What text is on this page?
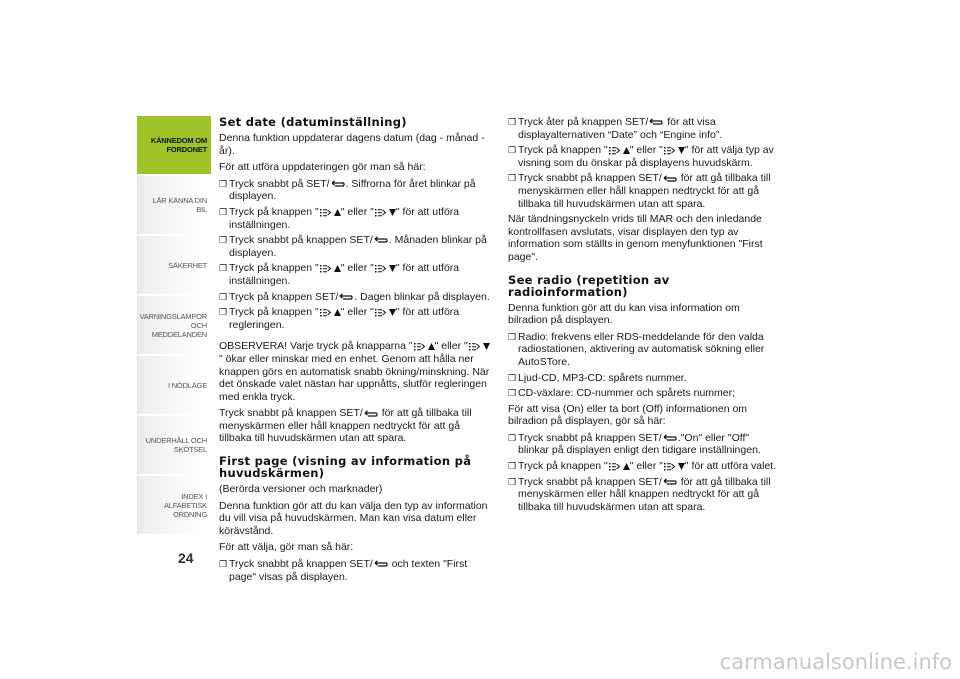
KÄNNEDOM OM FORDONET
LÄR KÄNNA DIN BIL
SÄKERHET
VARNINGSLAMPOR OCH MEDDELANDEN
I NÖDLÄGE
UNDERHÅLL OCH SKÖTSEL
INDEX I ALFABETISK ORDNING
24
Set date (datuminställning)

Denna funktion uppdaterar dagens datum (dag - månad - år).

För att utföra uppdateringen gör man så här:

❒ Tryck snabbt på SET/ . Siffrorna för året blinkar på displayen.

❒ Tryck på knappen " " eller " " för att utföra inställningen.

❒ Tryck snabbt på knappen SET/ . Månaden blinkar på displayen.

❒ Tryck på knappen " " eller " " för att utföra inställningen.

❒ Tryck på knappen SET/ . Dagen blinkar på displayen.

❒ Tryck på knappen " " eller " " för att utföra regleringen.

OBSERVERA! Varje tryck på knapparna " " eller "" ökar eller minskar med en enhet. Genom att hålla ner knappen görs en automatisk snabb ökning/minskning. När det önskade valet nästan har uppnåtts, slutför regleringen med enkla tryck.

Tryck snabbt på knappen SET/ för att gå tillbaka till menyskärmen eller håll knappen nedtryckt för att gå tillbaka till huvudskärmen utan att spara.

First page (visning av information på huvudskärmen)

(Berörda versioner och marknader)

Denna funktion gör att du kan välja den typ av information du vill visa på huvudskärmen. Man kan visa datum eller körävstånd.

För att välja, gör man så här:

❒ Tryck snabbt på knappen SET/ och texten "First page" visas på displayen.

❒ Tryck åter på knappen SET/ för att visa displayalternativen “Date” och “Engine info”.

❒ Tryck på knappen " " eller " " för att välja typ av visning som du önskar på displayens huvudskärm.

❒ Tryck snabbt på knappen SET/ för att gå tillbaka till menyskärmen eller håll knappen nedtryckt för att gå tillbaka till huvudskärmen utan att spara.

När tändningsnyckeln vrids till MAR och den inledande kontrollfasen avslutats, visar displayen den typ av information som ställts in genom menyfunktionen "First page".

See radio (repetition av radioinformation)

Denna funktion gör att du kan visa information om bilradion på displayen.

❒ Radio: frekvens eller RDS-meddelande för den valda radiostationen, aktivering av automatisk sökning eller AutoSTore.

❒ Ljud-CD, MP3-CD: spårets nummer.

❒ CD-växlare: CD-nummer och spårets nummer;

För att visa (On) eller ta bort (Off) informationen om bilradion på displayen, gör så här:

❒ Tryck snabbt på knappen SET/ ."On" eller "Off" blinkar på displayen enligt den tidigare inställningen.

❒ Tryck på knappen " " eller " " för att utföra valet.

❒ Tryck snabbt på knappen SET/ för att gå tillbaka till menyskärmen eller håll knappen nedtryckt för att gå tillbaka till huvudskärmen utan att spara.

carmanualsonline.info
